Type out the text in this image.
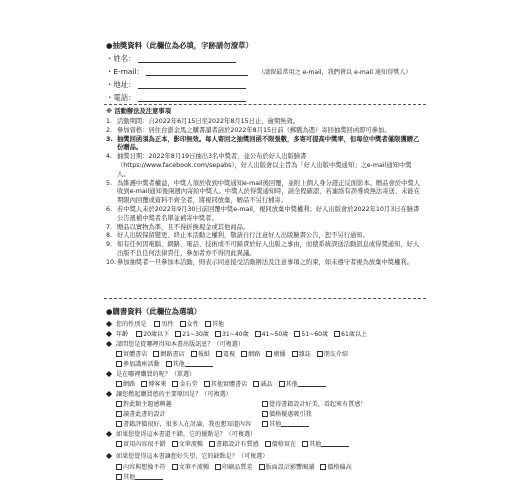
●抽獎資料（此欄位為必填，字跡請勿潦草）
・姓名：
・E-mail：	（請留最常用之 e-mail，我們會以 e-mail 通知得獎人）
・地址：
・電話：
※ 活動辦法及注意事項
1. 活動期間：自2022年6月15日至2022年8月15日止，逾期無效。
2. 參加資格：居住台澎金馬之購書讀者請於2022年8月15日前（郵戳為憑）寄回抽獎回函即可參加。
3. 抽獎回函須為正本，影印無效。每人寄回之抽獎回函不限張數，多寄可提高中獎率，但每位中獎者僅限獲贈乙份贈品。
4. 抽獎日期：2022年8月19日抽出3名中獎者，並公布於好人出版臉書（https://www.facebook.com/sepabs），好人出版會以主旨為「好人出版中獎通知」之e-mail通知中獎人。
5. 為維護中獎者權益，中獎人須於收到中獎通知e-mail後回覆，並附上個人身分證正反面影本。贈品會於中獎人收到e-mail通知後兩週內寄給中獎人。中獎人於得獎通知時，請全程確認，若連絡有誤導致無法寄送、未能在期限內回覆或資料不齊全者，將視同放棄，贈品不另行補寄。
6. 若中獎人未於2022年9月30日前回覆中獎e-mail，視同放棄中獎權利；好人出版會於2022年10月3日在臉書公告遞補中獎者名單並補寄中獎者。
7. 贈品以實物為準，且不得折換現金或其他商品。
8. 好人出版保留變更、終止本活動之權利，敬請自行注意好人出版臉書公告，恕不另行通知。
9. 如有任何因電腦、網路、電話、技術或不可歸責於好人出版之事由，而使系統誤送活動訊息或得獎通知，好人出版不負任何法律責任，參加者亦不得因此異議。
10. 參加抽獎者一旦參加本活動，則表示同意接受活動辦法及注意事項之約束，如未遵守者視為放棄中獎權利。
●購書資料（此欄位為選填）
您的性別是 男性 女性 其他
年齡 20歲以下 21~30歲 31~40歲 41~50歲 51~60歲 61歲以上
請問您是從哪裡得知本書出版訊息？（可複選）
實體書店 網路書店 報紙 電視 網路 廣播 雜誌 朋友介紹
參加講座活動 其他
是在哪裡購買的呢？（單選）
網路 博客來 金石堂 其他實體書店 誠品 其他
讓您燃起購買慾的主要原因是？（可複選）
對此類主題感興趣	覺得書籍設計好美，看起來有質感！
讀書此書的設計	價格優惠吸引我
書籍評價很好，很多人在討論，我也想知道內容	其他
如果您覺得這本書還不錯，它的優點是？（可複選）
實用內容很不錯 文筆流暢 書籍設計有質感 價格實在 其他
如果您覺得這本書讓您好失望，它的缺點是？（可複選）
內容與想像不符 文筆不流暢 印刷品質差 版面設計影響閱讀 價格偏高
其他
